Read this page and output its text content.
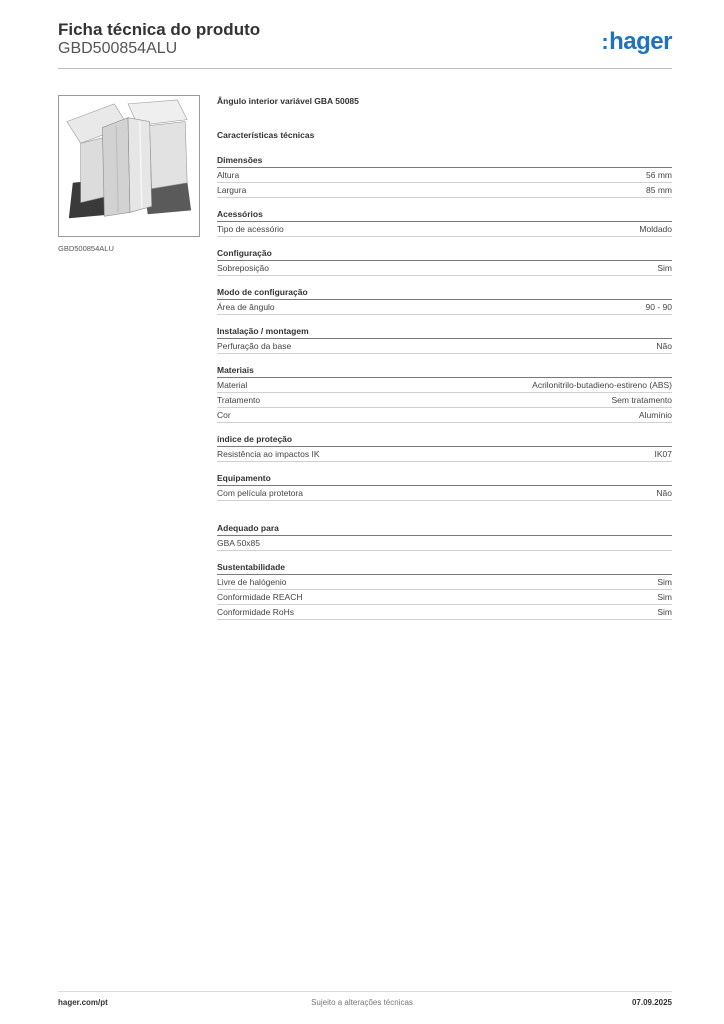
Ficha técnica do produto
GBD500854ALU	:hager
GBD500854ALU
Ângulo interior variável GBA 50085
Características técnicas
Dimensões
Altura	56 mm
Largura	85 mm
Acessórios
Tipo de acessório	Moldado
Configuração
Sobreposição	Sim
Modo de configuração
Área de ângulo	90 - 90
Instalação / montagem
Perfuração da base	Não
Materiais
Material	Acrilonitrilo-butadieno-estireno (ABS)
Tratamento	Sem tratamento
Cor	Alumínio
índice de proteção
Resistência ao impactos IK	IK07
Equipamento
Com película protetora	Não
Adequado para
GBA 50x85
Sustentabilidade
Livre de halógenio	Sim
Conformidade REACH	Sim
Conformidade RoHs	Sim
hager.com/pt	Sujeito a alterações técnicas	07.09.2025
